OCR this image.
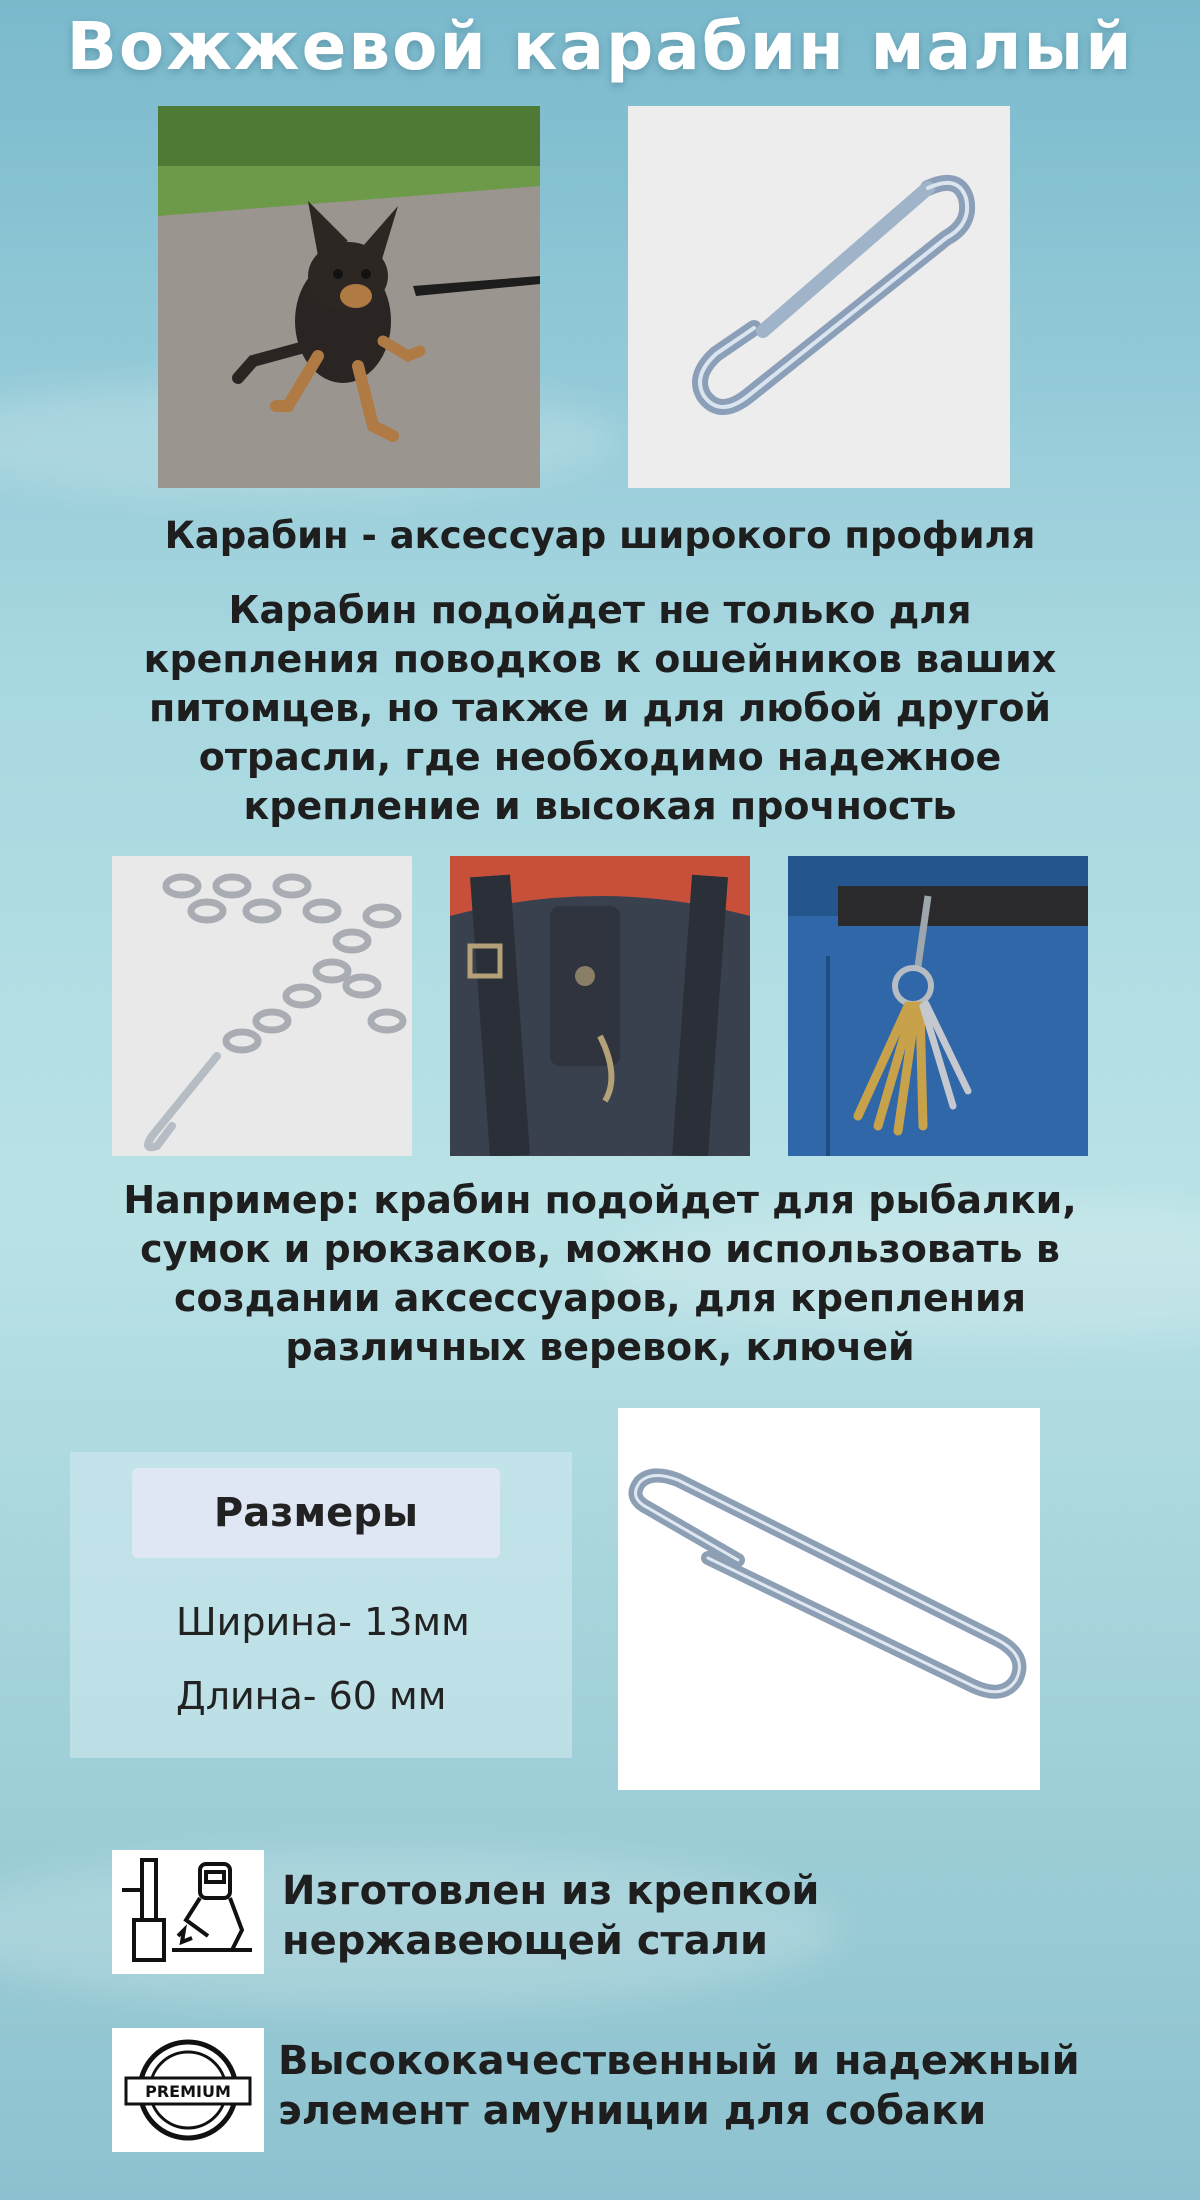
Вожжевой карабин малый
Карабин - аксессуар широкого профиля
Карабин подойдет не только для
крепления поводков к ошейников ваших
питомцев, но также и для любой другой
отрасли, где необходимо надежное
крепление и высокая прочность
Например: крабин подойдет для рыбалки,
сумок и рюкзаков, можно использовать в
создании аксессуаров, для крепления
различных веревок, ключей
Размеры
Ширина- 13мм
Длина- 60 мм
Изготовлен из крепкой
нержавеющей стали
PREMIUM
Высококачественный и надежный
элемент амуниции для собаки
